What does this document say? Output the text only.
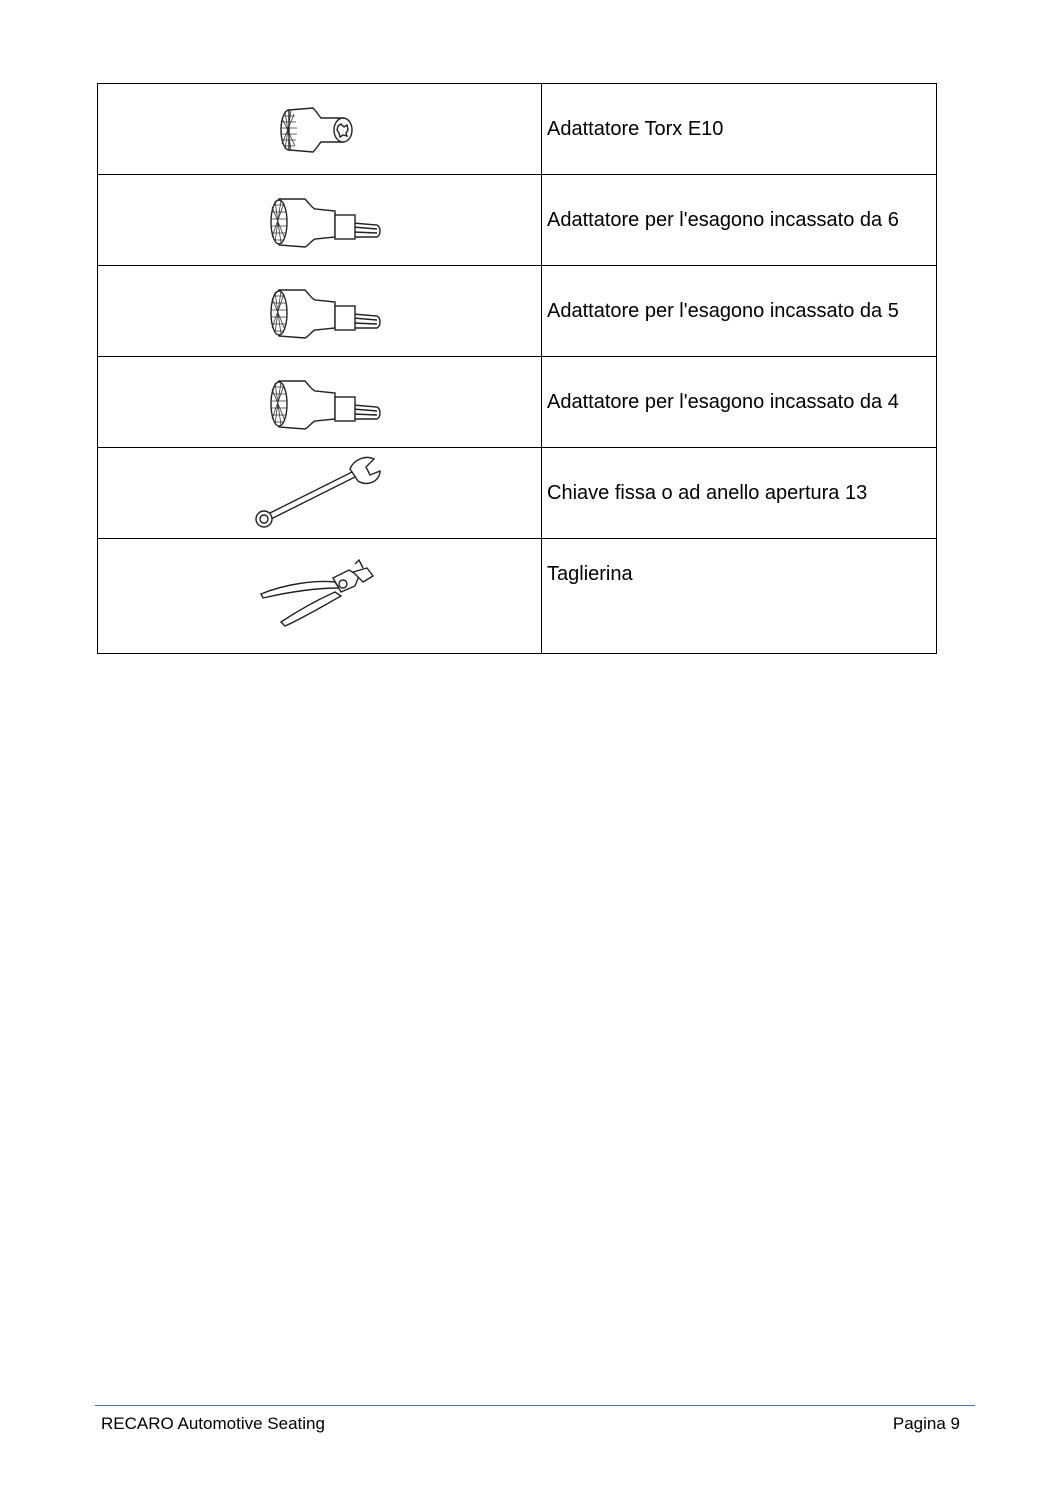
	Adattatore Torx E10

	Adattatore per l'esagono incassato da 6

	Adattatore per l'esagono incassato da 5

	Adattatore per l'esagono incassato da 4

	Chiave fissa o ad anello apertura 13

	Taglierina
RECARO Automotive Seating	Pagina 9
